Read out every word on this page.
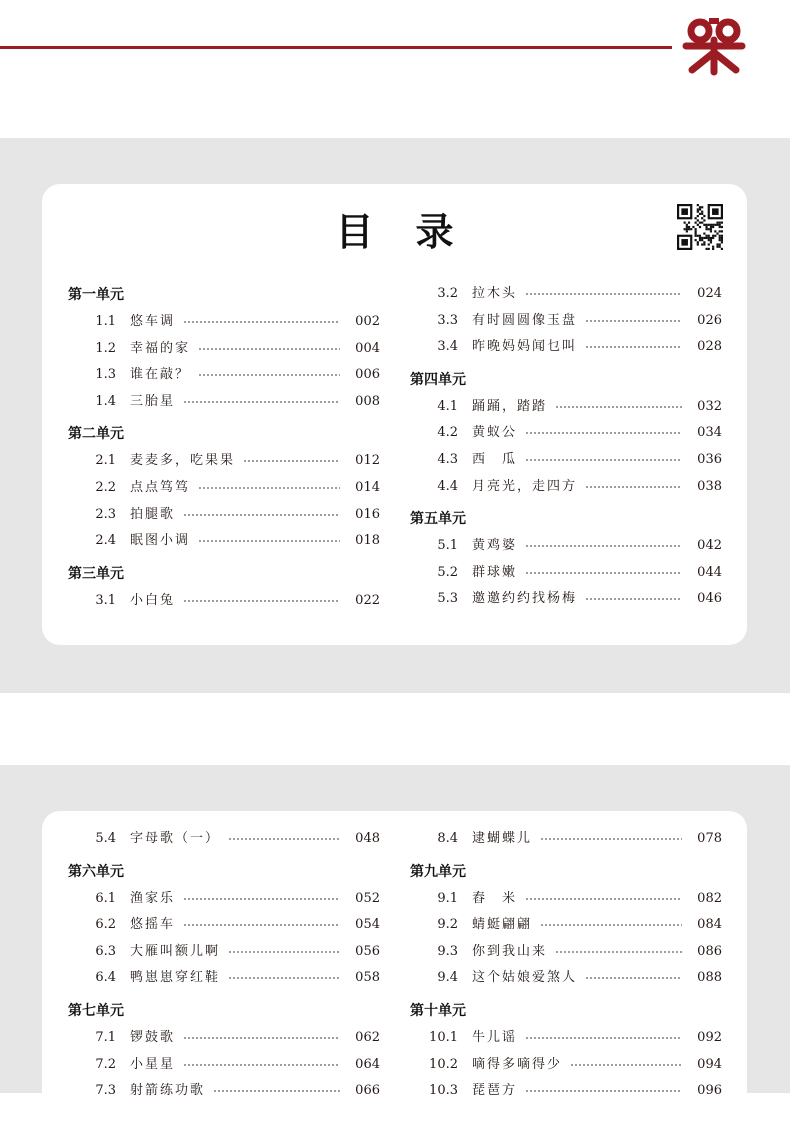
目录
第一单元
1.1 悠车调	002
1.2 幸福的家	004
1.3 谁在敲？	006
1.4 三胎星	008
第二单元
2.1 麦麦多，吃果果	012
2.2 点点笃笃	014
2.3 拍腿歌	016
2.4 眠图小调	018
第三单元
3.1 小白兔	022
3.2 拉木头	024
3.3 有时圆圆像玉盘	026
3.4 昨晚妈妈闻乜叫	028
第四单元
4.1 踊踊，踏踏	032
4.2 黄蚁公	034
4.3 西　瓜	036
4.4 月亮光，走四方	038
第五单元
5.1 黄鸡婆	042
5.2 群球嫩	044
5.3 邀邀约约找杨梅	046
5.4 字母歌（一）	048
第六单元
6.1 渔家乐	052
6.2 悠摇车	054
6.3 大雁叫额儿啊	056
6.4 鸭崽崽穿红鞋	058
第七单元
7.1 锣鼓歌	062
7.2 小星星	064
7.3 射箭练功歌	066
8.4 逮蝴蝶儿	078
第九单元
9.1 舂　米	082
9.2 蜻蜓翩翩	084
9.3 你到我山来	086
9.4 这个姑娘爱煞人	088
第十单元
10.1 牛儿谣	092
10.2 嘀得多嘀得少	094
10.3 琵琶方	096
